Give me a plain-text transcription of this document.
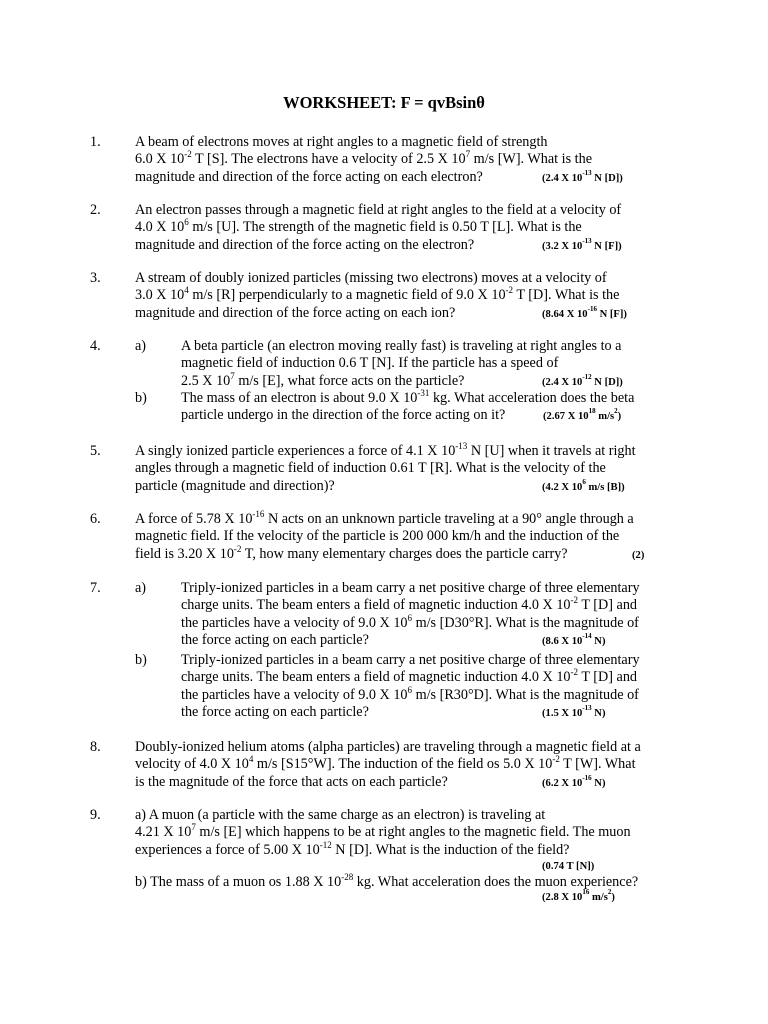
WORKSHEET: F = qvBsinθ
1. A beam of electrons moves at right angles to a magnetic field of strength
6.0 X $10^{-2}$ T [S]. The electrons have a velocity of 2.5 X $10^7$ m/s [W]. What is the
magnitude and direction of the force acting on each electron?	(2.4 X $10^{-13}$ N [D])
2. An electron passes through a magnetic field at right angles to the field at a velocity of
4.0 X $10^6$ m/s [U]. The strength of the magnetic field is 0.50 T [L]. What is the
magnitude and direction of the force acting on the electron?	(3.2 X $10^{-13}$ N [F])
3. A stream of doubly ionized particles (missing two electrons) moves at a velocity of
3.0 X $10^4$ m/s [R] perpendicularly to a magnetic field of 9.0 X $10^{-2}$ T [D]. What is the
magnitude and direction of the force acting on each ion?	(8.64 X $10^{-16}$ N [F])
4. a) A beta particle (an electron moving really fast) is traveling at right angles to a
magnetic field of induction 0.6 T [N]. If the particle has a speed of
2.5 X $10^7$ m/s [E], what force acts on the particle?	(2.4 X $10^{-12}$ N [D])
b) The mass of an electron is about 9.0 X $10^{-31}$ kg. What acceleration does the beta
particle undergo in the direction of the force acting on it?	(2.67 X $10^{18}$ $m/s^2$)
5. A singly ionized particle experiences a force of 4.1 X $10^{-13}$ N [U] when it travels at right
angles through a magnetic field of induction 0.61 T [R]. What is the velocity of the
particle (magnitude and direction)?	(4.2 X $10^6$ m/s [B])
6. A force of 5.78 X $10^{-16}$ N acts on an unknown particle traveling at a 90° angle through a
magnetic field. If the velocity of the particle is 200 000 km/h and the induction of the
field is 3.20 X $10^{-2}$ T, how many elementary charges does the particle carry?	(2)
7. a) Triply-ionized particles in a beam carry a net positive charge of three elementary
charge units. The beam enters a field of magnetic induction 4.0 X $10^{-2}$ T [D] and
the particles have a velocity of 9.0 X $10^6$ m/s [D30°R]. What is the magnitude of
the force acting on each particle?	(8.6 X $10^{-14}$ N)
b) Triply-ionized particles in a beam carry a net positive charge of three elementary
charge units. The beam enters a field of magnetic induction 4.0 X $10^{-2}$ T [D] and
the particles have a velocity of 9.0 X $10^6$ m/s [R30°D]. What is the magnitude of
the force acting on each particle?	(1.5 X $10^{-13}$ N)
8. Doubly-ionized helium atoms (alpha particles) are traveling through a magnetic field at a
velocity of 4.0 X $10^4$ m/s [S15°W]. The induction of the field os 5.0 X $10^{-2}$ T [W]. What
is the magnitude of the force that acts on each particle?	(6.2 X $10^{-16}$ N)
9. a) A muon (a particle with the same charge as an electron) is traveling at
4.21 X $10^7$ m/s [E] which happens to be at right angles to the magnetic field. The muon
experiences a force of 5.00 X $10^{-12}$ N [D]. What is the induction of the field?
(0.74 T [N])
b) The mass of a muon os 1.88 X $10^{-28}$ kg. What acceleration does the muon experience?
(2.8 X $10^{16}$ $m/s^2$)
